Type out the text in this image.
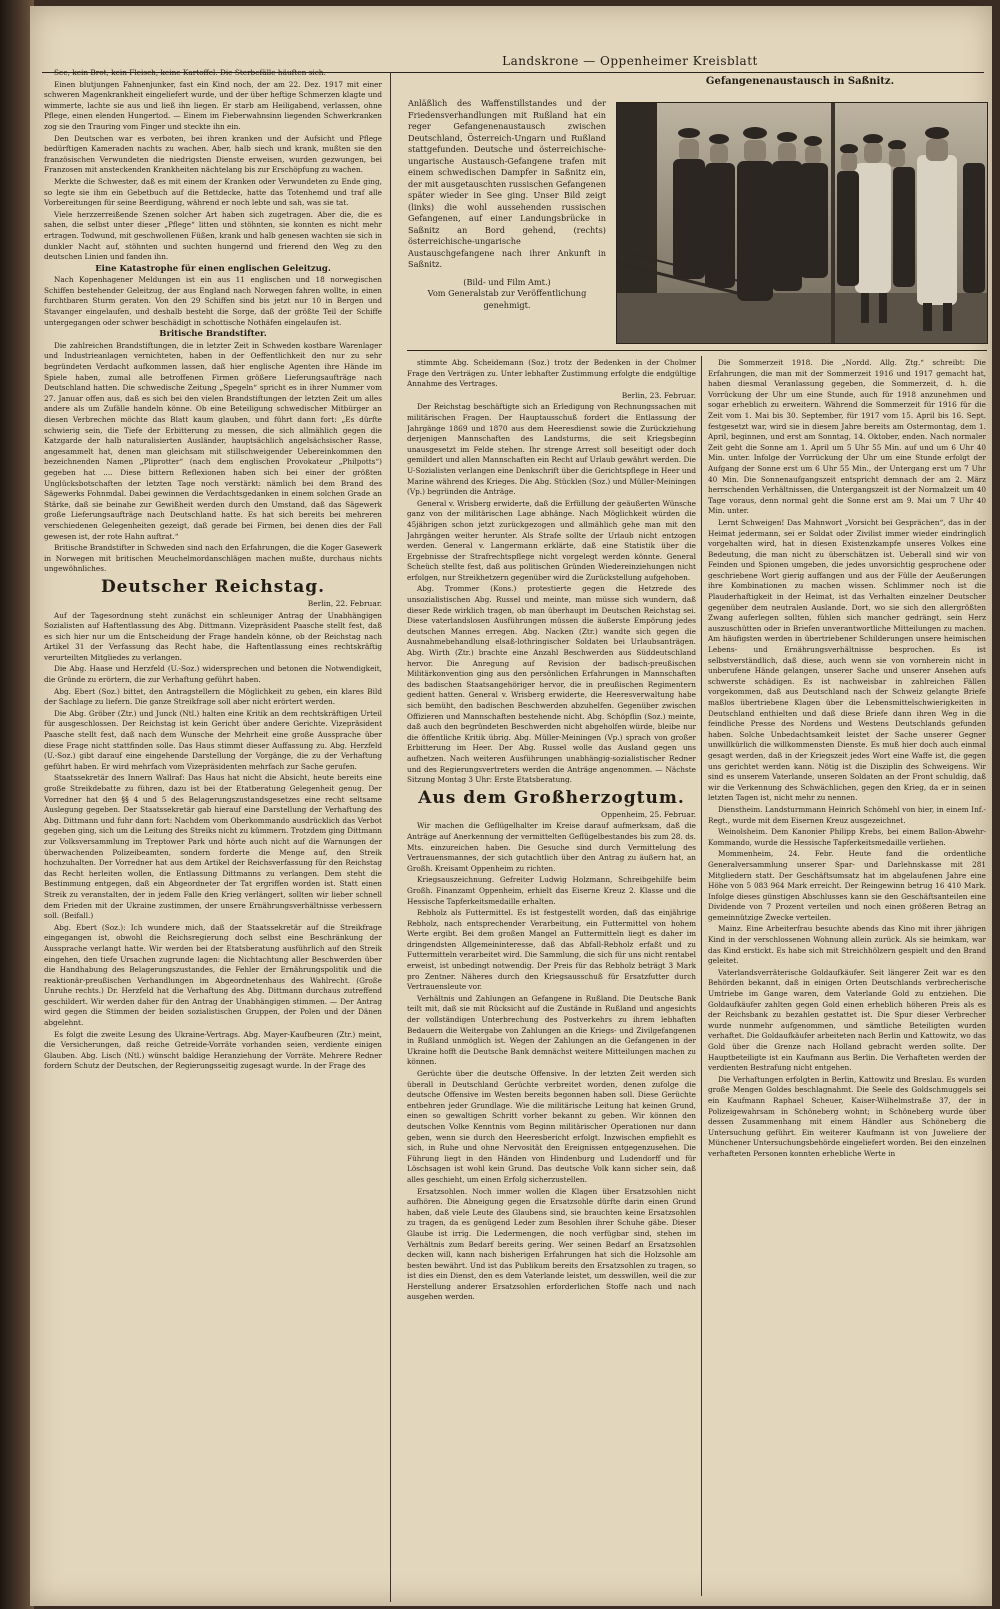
Landskrone — Oppenheimer Kreisblatt

See, kein Brot, kein Fleisch, keine Kartoffel. Die Sterbefälle häuften sich.

Einen blutjungen Fahnenjunker, fast ein Kind noch, der am 22. Dez. 1917 mit einer schweren Magenkrankheit eingeliefert wurde, und der über heftige Schmerzen klagte und wimmerte, lachte sie aus und ließ ihn liegen. Er starb am Heiligabend, verlassen, ohne Pflege, einen elenden Hungertod. — Einem im Fieberwahnsinn liegenden Schwerkranken zog sie den Trauring vom Finger und steckte ihn ein.

Den Deutschen war es verboten, bei ihren kranken und der Aufsicht und Pflege bedürftigen Kameraden nachts zu wachen. Aber, halb siech und krank, mußten sie den französischen Verwundeten die niedrigsten Dienste erweisen, wurden gezwungen, bei Franzosen mit ansteckenden Krankheiten nächtelang bis zur Erschöpfung zu wachen.

Merkte die Schwester, daß es mit einem der Kranken oder Verwundeten zu Ende ging, so legte sie ihm ein Gebetbuch auf die Bettdecke, hatte das Totenhemd und traf alle Vorbereitungen für seine Beerdigung, während er noch lebte und sah, was sie tat.

Viele herzzerreißende Szenen solcher Art haben sich zugetragen. Aber die, die es sahen, die selbst unter dieser „Pflege“ litten und stöhnten, sie konnten es nicht mehr ertragen. Todwund, mit geschwollenen Füßen, krank und halb genesen wachten sie sich in dunkler Nacht auf, stöhnten und suchten hungernd und frierend den Weg zu den deutschen Linien und fanden ihn.

Eine Katastrophe für einen englischen Geleitzug.

Nach Kopenhagener Meldungen ist ein aus 11 englischen und 18 norwegischen Schiffen bestehender Geleitzug, der aus England nach Norwegen fahren wollte, in einen furchtbaren Sturm geraten. Von den 29 Schiffen sind bis jetzt nur 10 in Bergen und Stavanger eingelaufen, und deshalb besteht die Sorge, daß der größte Teil der Schiffe untergegangen oder schwer beschädigt in schottische Nothäfen eingelaufen ist.

Britische Brandstifter.

Die zahlreichen Brandstiftungen, die in letzter Zeit in Schweden kostbare Warenlager und Industrieanlagen vernichteten, haben in der Oeffentlichkeit den nur zu sehr begründeten Verdacht aufkommen lassen, daß hier englische Agenten ihre Hände im Spiele haben, zumal alle betroffenen Firmen größere Lieferungsaufträge nach Deutschland hatten. Die schwedische Zeitung „Spegeln“ spricht es in ihrer Nummer vom 27. Januar offen aus, daß es sich bei den vielen Brandstiftungen der letzten Zeit um alles andere als um Zufälle handeln könne. Ob eine Beteiligung schwedischer Mitbürger an diesen Verbrechen möchte das Blatt kaum glauben, und führt dann fort: „Es dürfte schwierig sein, die Tiefe der Erbitterung zu messen, die sich allmählich gegen die Katzgarde der halb naturalisierten Ausländer, hauptsächlich angelsächsischer Rasse, angesammelt hat, denen man gleichsam mit stillschweigender Uebereinkommen den bezeichnenden Namen „Pliprotter“ (nach dem englischen Provokateur „Philpotts“) gegeben hat .... Diese bittern Reflexionen haben sich bei einer der größten Unglücksbotschaften der letzten Tage noch verstärkt: nämlich bei dem Brand des Sägewerks Fohnmdal. Dabei gewinnen die Verdachtsgedanken in einem solchen Grade an Stärke, daß sie beinahe zur Gewißheit werden durch den Umstand, daß das Sägewerk große Lieferungsaufträge nach Deutschland hatte. Es hat sich bereits bei mehreren verschiedenen Gelegenheiten gezeigt, daß gerade bei Firmen, bei denen dies der Fall gewesen ist, der rote Hahn auftrat.“

Britische Brandstifter in Schweden sind nach den Erfahrungen, die die Koger Gasewerk in Norwegen mit britischen Meuchelmordanschlägen machen mußte, durchaus nichts ungewöhnliches.

Deutscher Reichstag.

Berlin, 22. Februar.

Auf der Tagesordnung steht zunächst ein schleuniger Antrag der Unabhängigen Sozialisten auf Haftentlassung des Abg. Dittmann. Vizepräsident Paasche stellt fest, daß es sich hier nur um die Entscheidung der Frage handeln könne, ob der Reichstag nach Artikel 31 der Verfassung das Recht habe, die Haftentlassung eines rechtskräftig verurteilten Mitgliedes zu verlangen.

Die Abg. Haase und Herzfeld (U.-Soz.) widersprechen und betonen die Notwendigkeit, die Gründe zu erörtern, die zur Verhaftung geführt haben.

Abg. Ebert (Soz.) bittet, den Antragstellern die Möglichkeit zu geben, ein klares Bild der Sachlage zu liefern. Die ganze Streikfrage soll aber nicht erörtert werden.

Die Abg. Gröber (Ztr.) und Junck (Ntl.) halten eine Kritik an dem rechtskräftigen Urteil für ausgeschlossen. Der Reichstag ist kein Gericht über andere Gerichte. Vizepräsident Paasche stellt fest, daß nach dem Wunsche der Mehrheit eine große Aussprache über diese Frage nicht stattfinden solle. Das Haus stimmt dieser Auffassung zu. Abg. Herzfeld (U.-Soz.) gibt darauf eine eingehende Darstellung der Vorgänge, die zu der Verhaftung geführt haben. Er wird mehrfach vom Vizepräsidenten mehrfach zur Sache gerufen.

Staatssekretär des Innern Wallraf: Das Haus hat nicht die Absicht, heute bereits eine große Streikdebatte zu führen, dazu ist bei der Etatberatung Gelegenheit genug. Der Vorredner hat den §§ 4 und 5 des Belagerungszustandsgesetzes eine recht seltsame Auslegung gegeben. Der Staatssekretär gab hierauf eine Darstellung der Verhaftung des Abg. Dittmann und fuhr dann fort: Nachdem vom Oberkommando ausdrücklich das Verbot gegeben ging, sich um die Leitung des Streiks nicht zu kümmern. Trotzdem ging Dittmann zur Volksversammlung im Treptower Park und hörte auch nicht auf die Warnungen der überwachenden Polizeibeamten, sondern forderte die Menge auf, den Streik hochzuhalten. Der Vorredner hat aus dem Artikel der Reichsverfassung für den Reichstag das Recht herleiten wollen, die Entlassung Dittmanns zu verlangen. Dem steht die Bestimmung entgegen, daß ein Abgeordneter der Tat ergriffen worden ist. Statt einen Streik zu veranstalten, der in jedem Falle den Krieg verlängert, sollten wir lieber schnell dem Frieden mit der Ukraine zustimmen, der unsere Ernährungsverhältnisse verbessern soll. (Beifall.)

Abg. Ebert (Soz.): Ich wundere mich, daß der Staatssekretär auf die Streikfrage eingegangen ist, obwohl die Reichsregierung doch selbst eine Beschränkung der Aussprache verlangt hatte. Wir werden bei der Etatsberatung ausführlich auf den Streik eingehen, den tiefe Ursachen zugrunde lagen: die Nichtachtung aller Beschwerden über die Handhabung des Belagerungszustandes, die Fehler der Ernährungspolitik und die reaktionär-preußischen Verhandlungen im Abgeordnetenhaus des Wahlrecht. (Große Unruhe rechts.) Dr. Herzfeld hat die Verhaftung des Abg. Dittmann durchaus zutreffend geschildert. Wir werden daher für den Antrag der Unabhängigen stimmen. — Der Antrag wird gegen die Stimmen der beiden sozialistischen Gruppen, der Polen und der Dänen abgelehnt.

Es folgt die zweite Lesung des Ukraine-Vertrags. Abg. Mayer-Kaufbeuren (Ztr.) meint, die Versicherungen, daß reiche Getreide-Vorräte vorhanden seien, verdiente einigen Glauben. Abg. Lisch (Ntl.) wünscht baldige Heranziehung der Vorräte. Mehrere Redner fordern Schutz der Deutschen, der Regierungsseitig zugesagt wurde. In der Frage des

Gefangenenaustausch in Saßnitz.
Anläßlich des Waffenstillstandes und der Friedensverhandlungen mit Rußland hat ein reger Gefangenenaustausch zwischen Deutschland, Österreich-Ungarn und Rußland stattgefunden. Deutsche und österreichische-ungarische Austausch-Gefangene trafen mit einem schwedischen Dampfer in Saßnitz ein, der mit ausgetauschten russischen Gefangenen später wieder in See ging. Unser Bild zeigt (links) die wohl aussehenden russischen Gefangenen, auf einer Landungsbrücke in Saßnitz an Bord gehend, (rechts) österreichische-ungarische Austauschgefangene nach ihrer Ankunft in Saßnitz.
(Bild- und Film Amt.)
Vom Generalstab zur Veröffentlichung genehmigt.

stimmte Abg. Scheidemann (Soz.) trotz der Bedenken in der Cholmer Frage den Verträgen zu. Unter lebhafter Zustimmung erfolgte die endgültige Annahme des Vertrages.

Berlin, 23. Februar.

Der Reichstag beschäftigte sich an Erledigung von Rechnungssachen mit militärischen Fragen. Der Hauptausschuß fordert die Entlassung der Jahrgänge 1869 und 1870 aus dem Heeresdienst sowie die Zurückziehung derjenigen Mannschaften des Landsturms, die seit Kriegsbeginn unausgesetzt im Felde stehen. Ihr strenge Arrest soll beseitigt oder doch gemildert und allen Mannschaften ein Recht auf Urlaub gewährt werden. Die U-Sozialisten verlangen eine Denkschrift über die Gerichtspflege in Heer und Marine während des Krieges. Die Abg. Stücklen (Soz.) und Müller-Meiningen (Vp.) begründen die Anträge.

General v. Wrisberg erwiderte, daß die Erfüllung der geäußerten Wünsche ganz von der militärischen Lage abhänge. Nach Möglichkeit würden die 45jährigen schon jetzt zurückgezogen und allmählich gehe man mit den Jahrgängen weiter herunter. Als Strafe sollte der Urlaub nicht entzogen werden. General v. Langermann erklärte, daß eine Statistik über die Ergebnisse der Strafrechtspflege nicht vorgelegt werden könnte. General Scheüch stellte fest, daß aus politischen Gründen Wiedereinziehungen nicht erfolgen, nur Streikhetzern gegenüber wird die Zurückstellung aufgehoben.

Abg. Trommer (Kons.) protestierte gegen die Hetzrede des unsozialistischen Abg. Russel und meinte, man müsse sich wundern, daß dieser Rede wirklich tragen, ob man überhaupt im Deutschen Reichstag sei. Diese vaterlandslosen Ausführungen müssen die äußerste Empörung jedes deutschen Mannes erregen. Abg. Nacken (Ztr.) wandte sich gegen die Ausnahmebehandlung elsaß-lothringischer Soldaten bei Urlaubsanträgen. Abg. Wirth (Ztr.) brachte eine Anzahl Beschwerden aus Süddeutschland hervor. Die Anregung auf Revision der badisch-preußischen Militärkonvention ging aus den persönlichen Erfahrungen in Mannschaften des badischen Staatsangehöriger hervor, die in preußischen Regimentern gedient hatten. General v. Wrisberg erwiderte, die Heeresverwaltung habe sich bemüht, den badischen Beschwerden abzuhelfen. Gegenüber zwischen Offizieren und Mannschaften bestehende nicht. Abg. Schöpflin (Soz.) meinte, daß auch den begründeten Beschwerden nicht abgeholfen würde, bleibe nur die öffentliche Kritik übrig. Abg. Müller-Meiningen (Vp.) sprach von großer Erbitterung im Heer. Der Abg. Russel wolle das Ausland gegen uns aufhetzen. Nach weiteren Ausführungen unabhängig-sozialistischer Redner und des Regierungsvertreters werden die Anträge angenommen. — Nächste Sitzung Montag 3 Uhr: Erste Etatsberatung.

Aus dem Großherzogtum.

Oppenheim, 25. Februar.

Wir machen die Geflügelhalter im Kreise darauf aufmerksam, daß die Anträge auf Anerkennung der vermittelten Geflügelbestandes bis zum 28. ds. Mts. einzureichen haben. Die Gesuche sind durch Vermittelung des Vertrauensmannes, der sich gutachtlich über den Antrag zu äußern hat, an Großh. Kreisamt Oppenheim zu richten.

Kriegsauszeichnung. Gefreiter Ludwig Holzmann, Schreibgehilfe beim Großh. Finanzamt Oppenheim, erhielt das Eiserne Kreuz 2. Klasse und die Hessische Tapferkeitsmedaille erhalten.

Rebholz als Futtermittel. Es ist festgestellt worden, daß das einjährige Rebholz, nach entsprechender Verarbeitung, ein Futtermittel von hohem Werte ergibt. Bei dem großen Mangel an Futtermitteln liegt es daher im dringendsten Allgemeininteresse, daß das Abfall-Rebholz erfaßt und zu Futtermitteln verarbeitet wird. Die Sammlung, die sich für uns nicht rentabel erweist, ist unbedingt notwendig. Der Preis für das Rebholz beträgt 3 Mark pro Zentner. Näheres durch den Kriegsausschuß für Ersatzfutter durch Vertrauensleute vor.

Verhältnis und Zahlungen an Gefangene in Rußland. Die Deutsche Bank teilt mit, daß sie mit Rücksicht auf die Zustände in Rußland und angesichts der vollständigen Unterbrechung des Postverkehrs zu ihrem lebhaften Bedauern die Weitergabe von Zahlungen an die Kriegs- und Zivilgefangenen in Rußland unmöglich ist. Wegen der Zahlungen an die Gefangenen in der Ukraine hofft die Deutsche Bank demnächst weitere Mitteilungen machen zu können.

Gerüchte über die deutsche Offensive. In der letzten Zeit werden sich überall in Deutschland Gerüchte verbreitet worden, denen zufolge die deutsche Offensive im Westen bereits begonnen haben soll. Diese Gerüchte entbehren jeder Grundlage. Wie die militärische Leitung hat keinen Grund, einen so gewaltigen Schritt vorher bekannt zu geben. Wir können den deutschen Volke Kenntnis vom Beginn militärischer Operationen nur dann geben, wenn sie durch den Heeresbericht erfolgt. Inzwischen empfiehlt es sich, in Ruhe und ohne Nervosität den Ereignissen entgegenzusehen. Die Führung liegt in den Händen von Hindenburg und Ludendorff und für Löschsagen ist wohl kein Grund. Das deutsche Volk kann sicher sein, daß alles geschieht, um einen Erfolg sicherzustellen.

Ersatzsohlen. Noch immer wollen die Klagen über Ersatzsohlen nicht aufhören. Die Abneigung gegen die Ersatzsohle dürfte darin einen Grund haben, daß viele Leute des Glaubens sind, sie brauchten keine Ersatzsohlen zu tragen, da es genügend Leder zum Besohlen ihrer Schuhe gäbe. Dieser Glaube ist irrig. Die Ledermengen, die noch verfügbar sind, stehen im Verhältnis zum Bedarf bereits gering. Wer seinen Bedarf an Ersatzsohlen decken will, kann nach bisherigen Erfahrungen hat sich die Holzsohle am besten bewährt. Und ist das Publikum bereits den Ersatzsohlen zu tragen, so ist dies ein Dienst, den es dem Vaterlande leistet, um desswillen, weil die zur Herstellung anderer Ersatzsohlen erforderlichen Stoffe nach und nach ausgehen werden.

Die Sommerzeit 1918. Die „Nordd. Allg. Ztg.“ schreibt: Die Erfahrungen, die man mit der Sommerzeit 1916 und 1917 gemacht hat, haben diesmal Veranlassung gegeben, die Sommerzeit, d. h. die Vorrückung der Uhr um eine Stunde, auch für 1918 anzunehmen und sogar erheblich zu erweitern. Während die Sommerzeit für 1916 für die Zeit vom 1. Mai bis 30. September, für 1917 vom 15. April bis 16. Sept. festgesetzt war, wird sie in diesem Jahre bereits am Ostermontag, dem 1. April, beginnen, und erst am Sonntag, 14. Oktober, enden. Nach normaler Zeit geht die Sonne am 1. April um 5 Uhr 55 Min. auf und um 6 Uhr 40 Min. unter. Infolge der Vorrückung der Uhr um eine Stunde erfolgt der Aufgang der Sonne erst um 6 Uhr 55 Min., der Untergang erst um 7 Uhr 40 Min. Die Sonnenaufgangszeit entspricht demnach der am 2. März herrschenden Verhältnissen, die Untergangszeit ist der Normalzeit um 40 Tage voraus, denn normal geht die Sonne erst am 9. Mai um 7 Uhr 40 Min. unter.

Lernt Schweigen! Das Mahnwort „Vorsicht bei Gesprächen“, das in der Heimat jedermann, sei er Soldat oder Zivilist immer wieder eindringlich vorgehalten wird, hat in diesen Existenzkampfe unseres Volkes eine Bedeutung, die man nicht zu überschätzen ist. Ueberall sind wir von Feinden und Spionen umgeben, die jedes unvorsichtig gesprochene oder geschriebene Wort gierig auffangen und aus der Fülle der Aeußerungen ihre Kombinationen zu machen wissen. Schlimmer noch ist die Plauderhaftigkeit in der Heimat, ist das Verhalten einzelner Deutscher gegenüber dem neutralen Auslande. Dort, wo sie sich den allergrößten Zwang auferlegen sollten, fühlen sich mancher gedrängt, sein Herz auszuschütten oder in Briefen unverantwortliche Mitteilungen zu machen. Am häufigsten werden in übertriebener Schilderungen unsere heimischen Lebens- und Ernährungsverhältnisse besprochen. Es ist selbstverständlich, daß diese, auch wenn sie von vornherein nicht in unberufene Hände gelangen, unserer Sache und unserer Ansehen aufs schwerste schädigen. Es ist nachweisbar in zahlreichen Fällen vorgekommen, daß aus Deutschland nach der Schweiz gelangte Briefe maßlos übertriebene Klagen über die Lebensmittelschwierigkeiten in Deutschland enthielten und daß diese Briefe dann ihren Weg in die feindliche Presse des Nordens und Westens Deutschlands gefunden haben. Solche Unbedachtsamkeit leistet der Sache unserer Gegner unwillkürlich die willkommensten Dienste. Es muß hier doch auch einmal gesagt werden, daß in der Kriegszeit jedes Wort eine Waffe ist, die gegen uns gerichtet werden kann. Nötig ist die Disziplin des Schweigens. Wir sind es unserem Vaterlande, unseren Soldaten an der Front schuldig, daß wir die Verkennung des Schwächlichen, gegen den Krieg, da er in seinen letzten Tagen ist, nicht mehr zu nennen.

Dienstheim. Landsturmmann Heinrich Schömehl von hier, in einem Inf.-Regt., wurde mit dem Eisernen Kreuz ausgezeichnet.

Weinolsheim. Dem Kanonier Philipp Krebs, bei einem Ballon-Abwehr-Kommando, wurde die Hessische Tapferkeitsmedaille verliehen.

Mommenheim, 24. Febr. Heute fand die ordentliche Generalversammlung unserer Spar- und Darlehnskasse mit 281 Mitgliedern statt. Der Geschäftsumsatz hat im abgelaufenen Jahre eine Höhe von 5 083 964 Mark erreicht. Der Reingewinn betrug 16 410 Mark. Infolge dieses günstigen Abschlusses kann sie den Geschäftsanteilen eine Dividende von 7 Prozent verteilen und noch einen größeren Betrag an gemeinnützige Zwecke verteilen.

Mainz. Eine Arbeiterfrau besuchte abends das Kino mit ihrer jährigen Kind in der verschlossenen Wohnung allein zurück. Als sie heimkam, war das Kind erstickt. Es habe sich mit Streichhölzern gespielt und den Brand geleitet.

Vaterlandsverräterische Goldaufkäufer. Seit längerer Zeit war es den Behörden bekannt, daß in einigen Orten Deutschlands verbrecherische Umtriebe im Gange waren, dem Vaterlande Gold zu entziehen. Die Goldaufkäufer zahlten gegen Gold einen erheblich höheren Preis als es der Reichsbank zu bezahlen gestattet ist. Die Spur dieser Verbrecher wurde nunmehr aufgenommen, und sämtliche Beteiligten wurden verhaftet. Die Goldaufkäufer arbeiteten nach Berlin und Kattowitz, wo das Gold über die Grenze nach Holland gebracht werden sollte. Der Hauptbeteiligte ist ein Kaufmann aus Berlin. Die Verhafteten werden der verdienten Bestrafung nicht entgehen.

Die Verhaftungen erfolgten in Berlin, Kattowitz und Breslau. Es wurden große Mengen Goldes beschlagnahmt. Die Seele des Goldschmuggels sei ein Kaufmann Raphael Scheuer, Kaiser-Wilhelmstraße 37, der in Polizeigewahrsam in Schöneberg wohnt; in Schöneberg wurde über dessen Zusammenhang mit einem Händler aus Schöneberg die Untersuchung geführt. Ein weiterer Kaufmann ist von Juweliere der Münchener Untersuchungsbehörde eingeliefert worden. Bei den einzelnen verhafteten Personen konnten erhebliche Werte in
